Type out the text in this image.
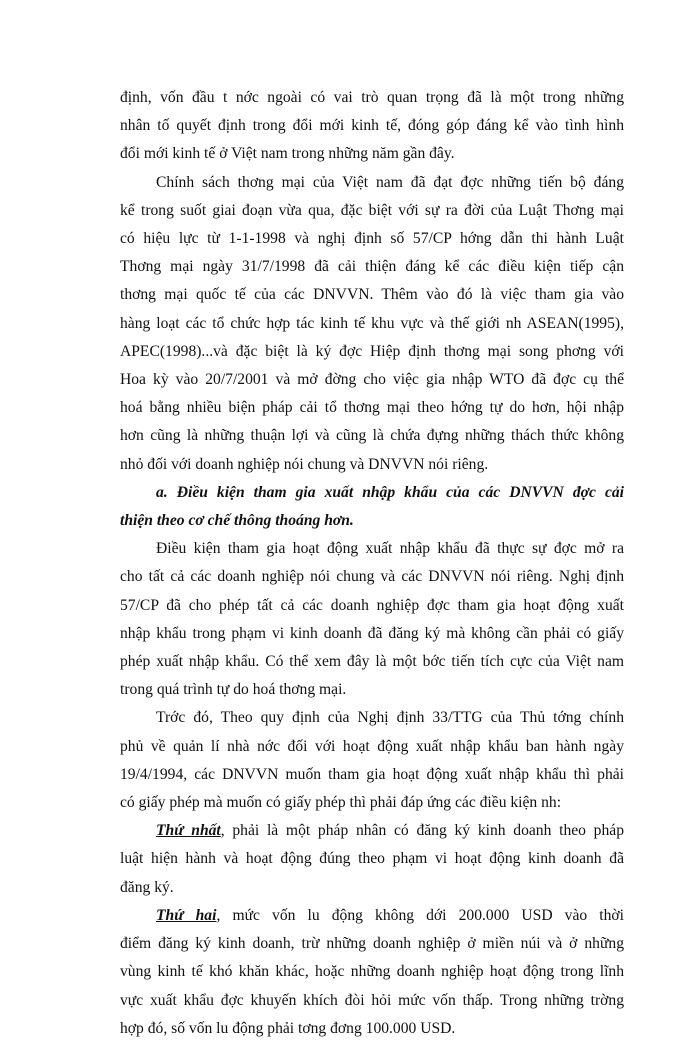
định, vốn đầu t nớc ngoài có vai trò quan trọng đã là một trong những
nhân tố quyết định trong đổi mới kinh tế, đóng góp đáng kể vào tình hình
đổi mới kinh tế ở Việt nam trong những năm gần đây.
Chính sách thơng mại của Việt nam đã đạt đợc những tiến bộ đáng
kể trong suốt giai đoạn vừa qua, đặc biệt với sự ra đời của Luật Thơng mại
có hiệu lực từ 1-1-1998 và nghị định số 57/CP hớng dẫn thi hành Luật
Thơng mại ngày 31/7/1998 đã cải thiện đáng kể các điều kiện tiếp cận
thơng mại quốc tế của các DNVVN. Thêm vào đó là việc tham gia vào
hàng loạt các tổ chức hợp tác kinh tế khu vực và thế giới nh ASEAN(1995),
APEC(1998)...và đặc biệt là ký đợc Hiệp định thơng mại song phơng với
Hoa kỳ vào 20/7/2001 và mở đờng cho việc gia nhập WTO đã đợc cụ thể
hoá bằng nhiều biện pháp cải tổ thơng mại theo hớng tự do hơn, hội nhập
hơn cũng là những thuận lợi và cũng là chứa đựng những thách thức không
nhỏ đối với doanh nghiệp nói chung và DNVVN nói riêng.
a. Điều kiện tham gia xuất nhập khẩu của các DNVVN đợc cải
thiện theo cơ chế thông thoáng hơn.
Điều kiện tham gia hoạt động xuất nhập khẩu đã thực sự đợc mở ra
cho tất cả các doanh nghiệp nói chung và các DNVVN nói riêng. Nghị định
57/CP đã cho phép tất cả các doanh nghiệp đợc tham gia hoạt động xuất
nhập khẩu trong phạm vi kinh doanh đã đăng ký mà không cần phải có giấy
phép xuất nhập khẩu. Có thể xem đây là một bớc tiến tích cực của Việt nam
trong quá trình tự do hoá thơng mại.
Trớc đó, Theo quy định của Nghị định 33/TTG của Thủ tớng chính
phủ về quản lí nhà nớc đối với hoạt động xuất nhập khẩu ban hành ngày
19/4/1994, các DNVVN muốn tham gia hoạt động xuất nhập khẩu thì phải
có giấy phép mà muốn có giấy phép thì phải đáp ứng các điều kiện nh:
Thứ nhất, phải là một pháp nhân có đăng ký kinh doanh theo pháp
luật hiện hành và hoạt động đúng theo phạm vi hoạt động kinh doanh đã
đăng ký.
Thứ hai, mức vốn lu động không dới 200.000 USD vào thời
điểm đăng ký kinh doanh, trừ những doanh nghiệp ở miền núi và ở những
vùng kinh tế khó khăn khác, hoặc những doanh nghiệp hoạt động trong lĩnh
vực xuất khẩu đợc khuyến khích đòi hỏi mức vốn thấp. Trong những trờng
hợp đó, số vốn lu động phải tơng đơng 100.000 USD.
